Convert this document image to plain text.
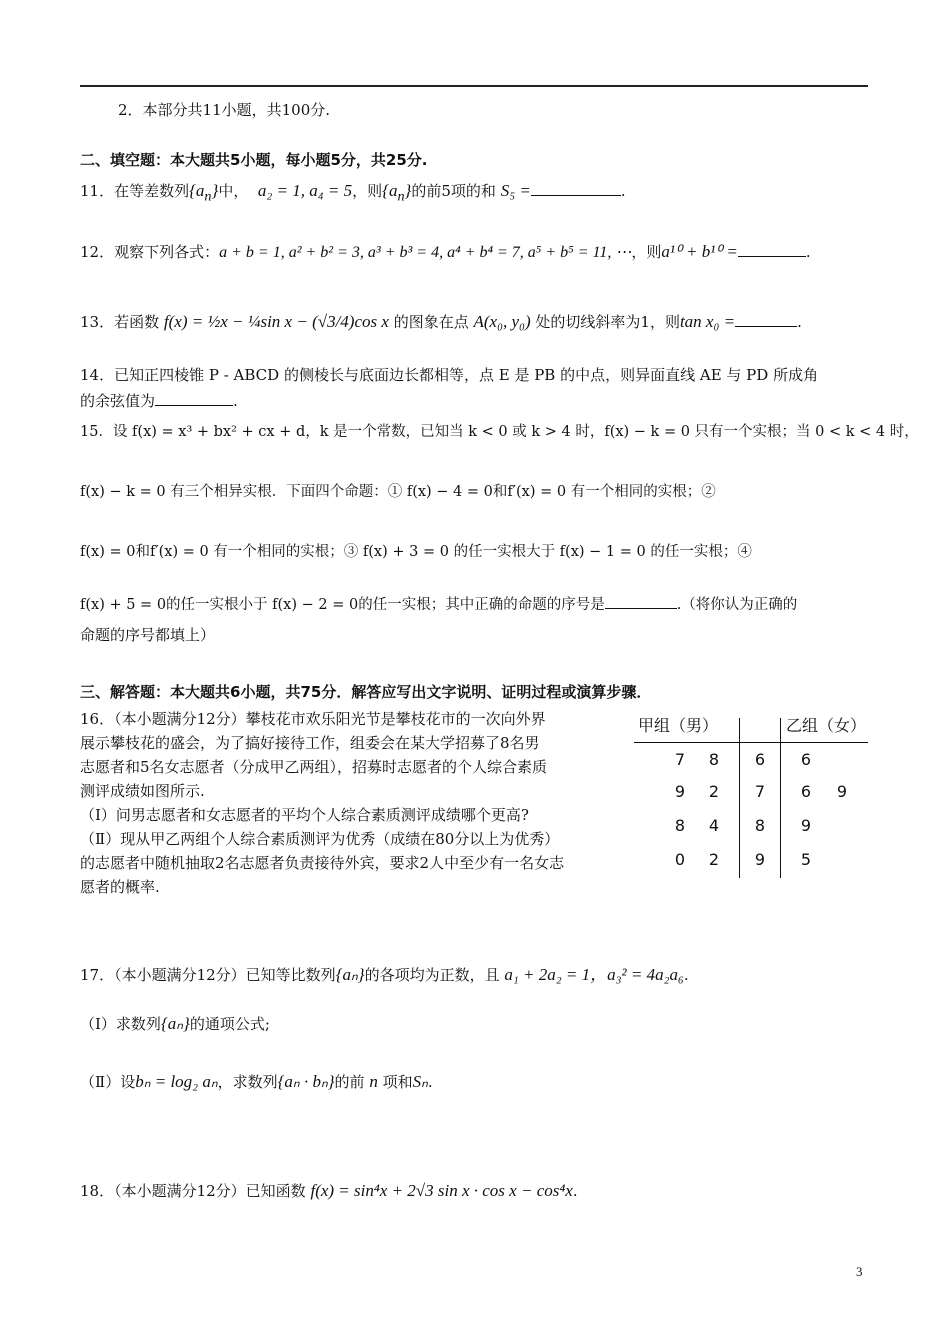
2．本部分共11小题，共100分.
二、填空题：本大题共5小题，每小题5分，共25分.
11．在等差数列$\{a_n\}$中， a₂ = 1, a₄ = 5，则$\{a_n\}$的前5项的和 S₅ =	.
12．观察下列各式：a + b = 1, a² + b² = 3, a³ + b³ = 4, a⁴ + b⁴ = 7, a⁵ + b⁵ = 11, ⋯，则a¹⁰ + b¹⁰ =	.
13．若函数 f(x) = ½x − ¼sin x − (√3/4)cos x 的图象在点 A(x₀, y₀) 处的切线斜率为1，则tan x₀ =	.
14．已知正四棱锥 P - ABCD 的侧棱长与底面边长都相等，点 E 是 PB 的中点，则异面直线 AE 与 PD 所成角
的余弦值为	.
15．设 f(x) = x³ + bx² + cx + d，k 是一个常数，已知当 k < 0 或 k > 4 时，f(x) − k = 0 只有一个实根；当 0 < k < 4 时，
f(x) − k = 0 有三个相异实根．下面四个命题：① f(x) − 4 = 0和f′(x) = 0 有一个相同的实根；②
f(x) = 0和f′(x) = 0 有一个相同的实根；③ f(x) + 3 = 0 的任一实根大于 f(x) − 1 = 0 的任一实根；④
f(x) + 5 = 0的任一实根小于 f(x) − 2 = 0的任一实根；其中正确的命题的序号是	.（将你认为正确的
命题的序号都填上）
三、解答题：本大题共6小题，共75分．解答应写出文字说明、证明过程或演算步骤．
16．（本小题满分12分）攀枝花市欢乐阳光节是攀枝花市的一次向外界
展示攀枝花的盛会，为了搞好接待工作，组委会在某大学招募了8名男
志愿者和5名女志愿者（分成甲乙两组），招募时志愿者的个人综合素质
测评成绩如图所示.
（Ⅰ）问男志愿者和女志愿者的平均个人综合素质测评成绩哪个更高?
（Ⅱ）现从甲乙两组个人综合素质测评为优秀（成绩在80分以上为优秀）
的志愿者中随机抽取2名志愿者负责接待外宾，要求2人中至少有一名女志
愿者的概率.
甲组（男）	乙组（女）
7	8	6	6
9	2	7	6	9
8	4	8	9
0	2	9	5
17．（本小题满分12分）已知等比数列{aₙ}的各项均为正数，且 a₁ + 2a₂ = 1，a₃² = 4a₂a₆.
（Ⅰ）求数列{aₙ}的通项公式;
（Ⅱ）设bₙ = log₂ aₙ，求数列{aₙ · bₙ}的前 n 项和Sₙ.
18．（本小题满分12分）已知函数 f(x) = sin⁴x + 2√3 sin x · cos x − cos⁴x.
3
